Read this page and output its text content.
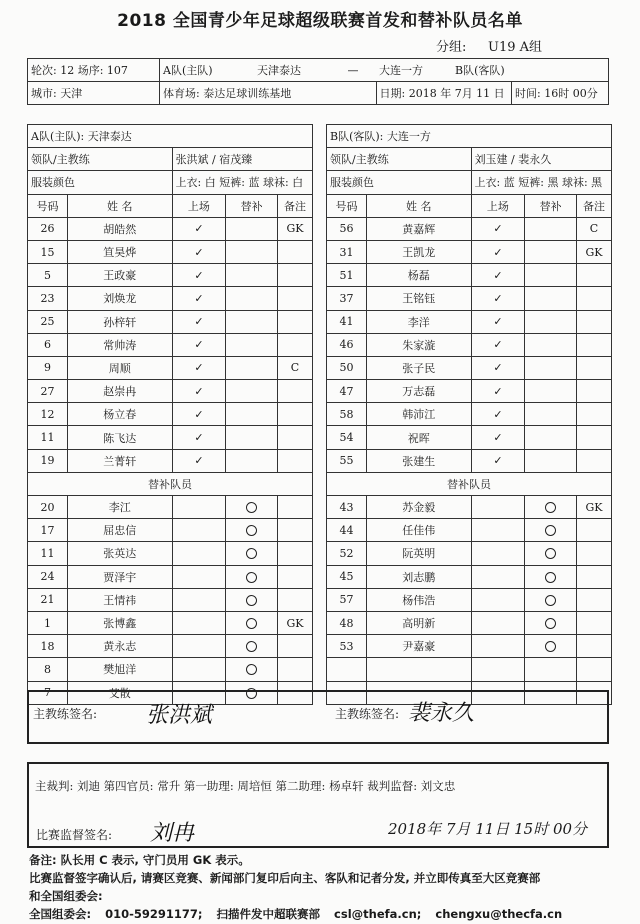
2018 全国青少年足球超级联赛首发和替补队员名单
分组: U19 A组
轮次: 12 场序: 107	A队(主队)	天津泰达	—	大连一方	B队(客队)	
城市: 天津	体育场: 泰达足球训练基地			日期: 2018 年 7月 11 日		时间: 16时 00分
A队(主队): 天津泰达				
领队/主教练		张洪斌 / 宿茂臻		
服装颜色		上衣: 白 短裤: 蓝 球袜: 白		
号码	姓 名	上场	替补	备注
26	胡皓然	✓		GK
15	笪昊烨	✓		
5	王政豪	✓		
23	刘焕龙	✓		
25	孙梓轩	✓		
6	常帅涛	✓		
9	周顺	✓		C
27	赵崇冉	✓		
12	杨立春	✓		
11	陈飞达	✓		
19	兰菁轩	✓		
替补队员				
20	李江			
17	屈忠信			
11	张英达			
24	贾泽宇			
21	王情祎			
1	张博鑫			GK
18	黄永志			
8	樊旭洋			
7	艾散			
B队(客队): 大连一方				
领队/主教练		刘玉建 / 裴永久		
服装颜色		上衣: 蓝 短裤: 黑 球袜: 黑		
号码	姓 名	上场	替补	备注
56	黄嘉辉	✓		C
31	王凯龙	✓		GK
51	杨磊	✓		
37	王铭钰	✓		
41	李洋	✓		
46	朱家漩	✓		
50	张子民	✓		
47	万志磊	✓		
58	韩沛江	✓		
54	祝晖	✓		
55	张建生	✓		
替补队员				
43	苏金毅			GK
44	任佳伟			
52	阮英明			
45	刘志鹏			
57	杨伟浩			
48	高明新			
53	尹嘉豪			

主教练签名: 张洪斌	主教练签名: 裴永久
主裁判: 刘迪 第四官员: 常升 第一助理: 周培恒 第二助理: 杨卓轩 裁判监督: 刘文忠
比赛监督签名: 刘冉	2018年 7月 11日 15时 00分
备注: 队长用 C 表示, 守门员用 GK 表示。
比赛监督签字确认后, 请赛区竞赛、新闻部门复印后向主、客队和记者分发, 并立即传真至大区竞赛部
和全国组委会:
全国组委会: 010-59291177; 扫描件发中超联赛部 csl@thefa.cn; chengxu@thecfa.cn
